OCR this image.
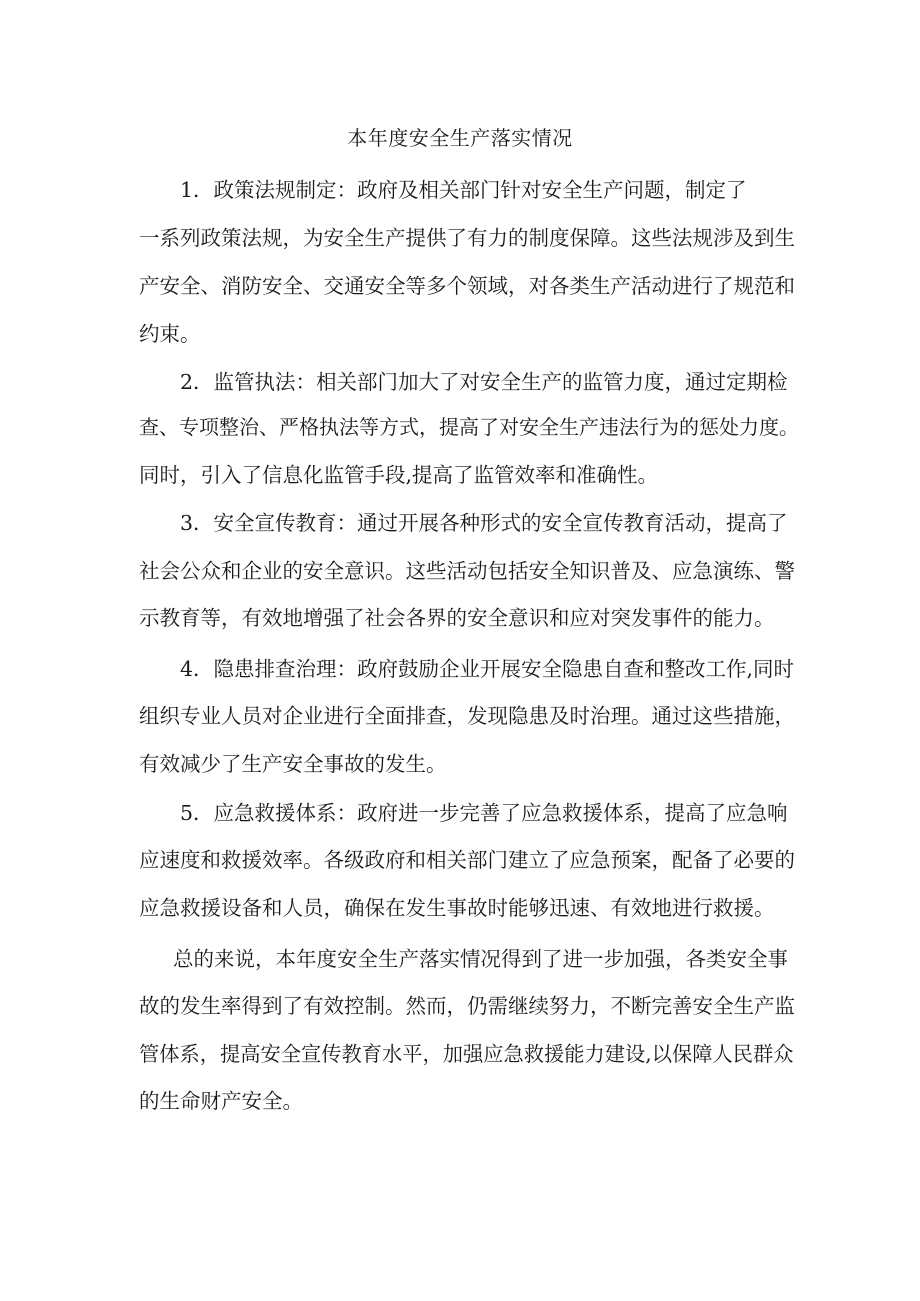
本年度安全生产落实情况
1．政策法规制定：政府及相关部门针对安全生产问题，制定了
一系列政策法规，为安全生产提供了有力的制度保障。这些法规涉及到生
产安全、消防安全、交通安全等多个领域，对各类生产活动进行了规范和
约束。
2．监管执法：相关部门加大了对安全生产的监管力度，通过定期检
查、专项整治、严格执法等方式，提高了对安全生产违法行为的惩处力度。
同时，引入了信息化监管手段,提高了监管效率和准确性。
3．安全宣传教育：通过开展各种形式的安全宣传教育活动，提高了
社会公众和企业的安全意识。这些活动包括安全知识普及、应急演练、警
示教育等，有效地增强了社会各界的安全意识和应对突发事件的能力。
4．隐患排查治理：政府鼓励企业开展安全隐患自查和整改工作,同时
组织专业人员对企业进行全面排查，发现隐患及时治理。通过这些措施，
有效减少了生产安全事故的发生。
5．应急救援体系：政府进一步完善了应急救援体系，提高了应急响
应速度和救援效率。各级政府和相关部门建立了应急预案，配备了必要的
应急救援设备和人员，确保在发生事故时能够迅速、有效地进行救援。
总的来说，本年度安全生产落实情况得到了进一步加强，各类安全事
故的发生率得到了有效控制。然而，仍需继续努力，不断完善安全生产监
管体系，提高安全宣传教育水平，加强应急救援能力建设,以保障人民群众
的生命财产安全。
